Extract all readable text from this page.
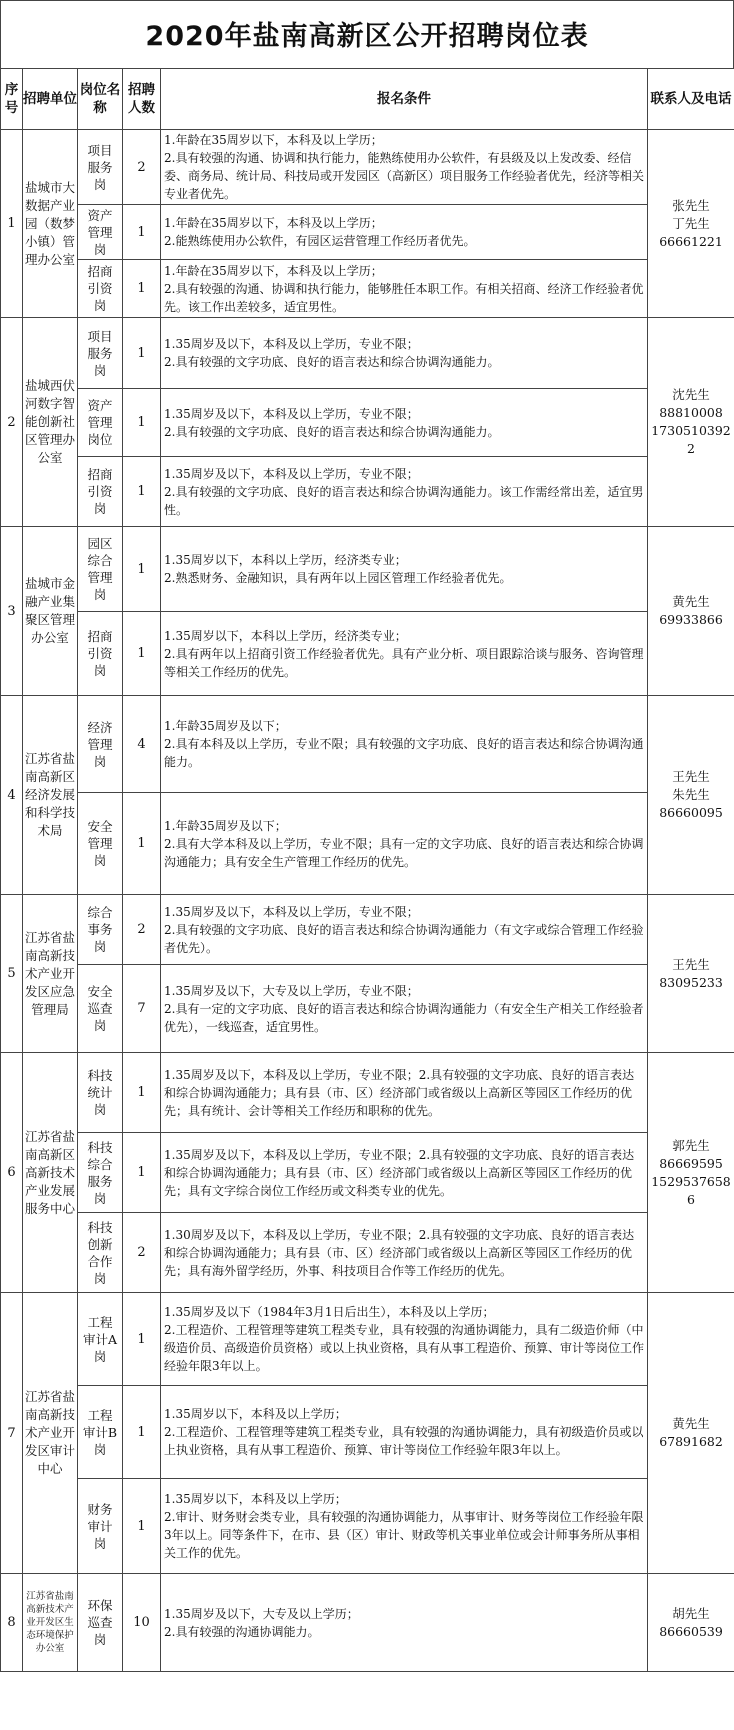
2020年盐南高新区公开招聘岗位表
序号	招聘单位	岗位名称	招聘人数	报名条件	联系人及电话
1	盐城市大数据产业园（数梦小镇）管理办公室	项目服务岗	2	1.年龄在35周岁以下，本科及以上学历；
2.具有较强的沟通、协调和执行能力，能熟练使用办公软件，有县级及以上发改委、经信委、商务局、统计局、科技局或开发园区（高新区）项目服务工作经验者优先，经济等相关专业者优先。	张先生
丁先生
66661221
		资产管理岗	1	1.年龄在35周岁以下，本科及以上学历；
2.能熟练使用办公软件，有园区运营管理工作经历者优先。	
		招商引资岗	1	1.年龄在35周岁以下，本科及以上学历；
2.具有较强的沟通、协调和执行能力，能够胜任本职工作。有相关招商、经济工作经验者优先。该工作出差较多，适宜男性。	
2	盐城西伏河数字智能创新社区管理办公室	项目服务岗	1	1.35周岁及以下，本科及以上学历，专业不限；
2.具有较强的文字功底、良好的语言表达和综合协调沟通能力。	沈先生
88810008
17305103922
		资产管理岗位	1	1.35周岁及以下，本科及以上学历，专业不限；
2.具有较强的文字功底、良好的语言表达和综合协调沟通能力。	
		招商引资岗	1	1.35周岁及以下，本科及以上学历，专业不限；
2.具有较强的文字功底、良好的语言表达和综合协调沟通能力。该工作需经常出差，适宜男性。	
3	盐城市金融产业集聚区管理办公室	园区综合管理岗	1	1.35周岁以下，本科以上学历，经济类专业；
2.熟悉财务、金融知识，具有两年以上园区管理工作经验者优先。	黄先生
69933866
		招商引资岗	1	1.35周岁以下，本科以上学历，经济类专业；
2.具有两年以上招商引资工作经验者优先。具有产业分析、项目跟踪洽谈与服务、咨询管理等相关工作经历的优先。	
4	江苏省盐南高新区经济发展和科学技术局	经济管理岗	4	1.年龄35周岁及以下；
2.具有本科及以上学历，专业不限；具有较强的文字功底、良好的语言表达和综合协调沟通能力。	王先生
朱先生
86660095
		安全管理岗	1	1.年龄35周岁及以下；
2.具有大学本科及以上学历，专业不限；具有一定的文字功底、良好的语言表达和综合协调沟通能力；具有安全生产管理工作经历的优先。	
5	江苏省盐南高新技术产业开发区应急管理局	综合事务岗	2	1.35周岁及以下，本科及以上学历，专业不限；
2.具有较强的文字功底、良好的语言表达和综合协调沟通能力（有文字或综合管理工作经验者优先）。	王先生
83095233
		安全巡查岗	7	1.35周岁及以下，大专及以上学历，专业不限；
2.具有一定的文字功底、良好的语言表达和综合协调沟通能力（有安全生产相关工作经验者优先），一线巡查，适宜男性。	
6	江苏省盐南高新区高新技术产业发展服务中心	科技统计岗	1	1.35周岁及以下，本科及以上学历，专业不限；2.具有较强的文字功底、良好的语言表达和综合协调沟通能力；具有县（市、区）经济部门或省级以上高新区等园区工作经历的优先；具有统计、会计等相关工作经历和职称的优先。	郭先生
86669595
15295376586
		科技综合服务岗	1	1.35周岁及以下，本科及以上学历，专业不限；2.具有较强的文字功底、良好的语言表达和综合协调沟通能力；具有县（市、区）经济部门或省级以上高新区等园区工作经历的优先；具有文字综合岗位工作经历或文科类专业的优先。	
		科技创新合作岗	2	1.30周岁及以下，本科及以上学历，专业不限；2.具有较强的文字功底、良好的语言表达和综合协调沟通能力；具有县（市、区）经济部门或省级以上高新区等园区工作经历的优先；具有海外留学经历，外事、科技项目合作等工作经历的优先。	
7	江苏省盐南高新技术产业开发区审计中心	工程审计A岗	1	1.35周岁及以下（1984年3月1日后出生），本科及以上学历；
2.工程造价、工程管理等建筑工程类专业，具有较强的沟通协调能力，具有二级造价师（中级造价员、高级造价员资格）或以上执业资格，具有从事工程造价、预算、审计等岗位工作经验年限3年以上。	黄先生
67891682
		工程审计B岗	1	1.35周岁以下，本科及以上学历；
2.工程造价、工程管理等建筑工程类专业，具有较强的沟通协调能力，具有初级造价员或以上执业资格，具有从事工程造价、预算、审计等岗位工作经验年限3年以上。	
		财务审计岗	1	1.35周岁以下，本科及以上学历；
2.审计、财务财会类专业，具有较强的沟通协调能力，从事审计、财务等岗位工作经验年限3年以上。同等条件下，在市、县（区）审计、财政等机关事业单位或会计师事务所从事相关工作的优先。	
8	江苏省盐南高新技术产业开发区生态环境保护办公室	环保巡查岗	10	1.35周岁及以下，大专及以上学历；
2.具有较强的沟通协调能力。	胡先生
86660539
